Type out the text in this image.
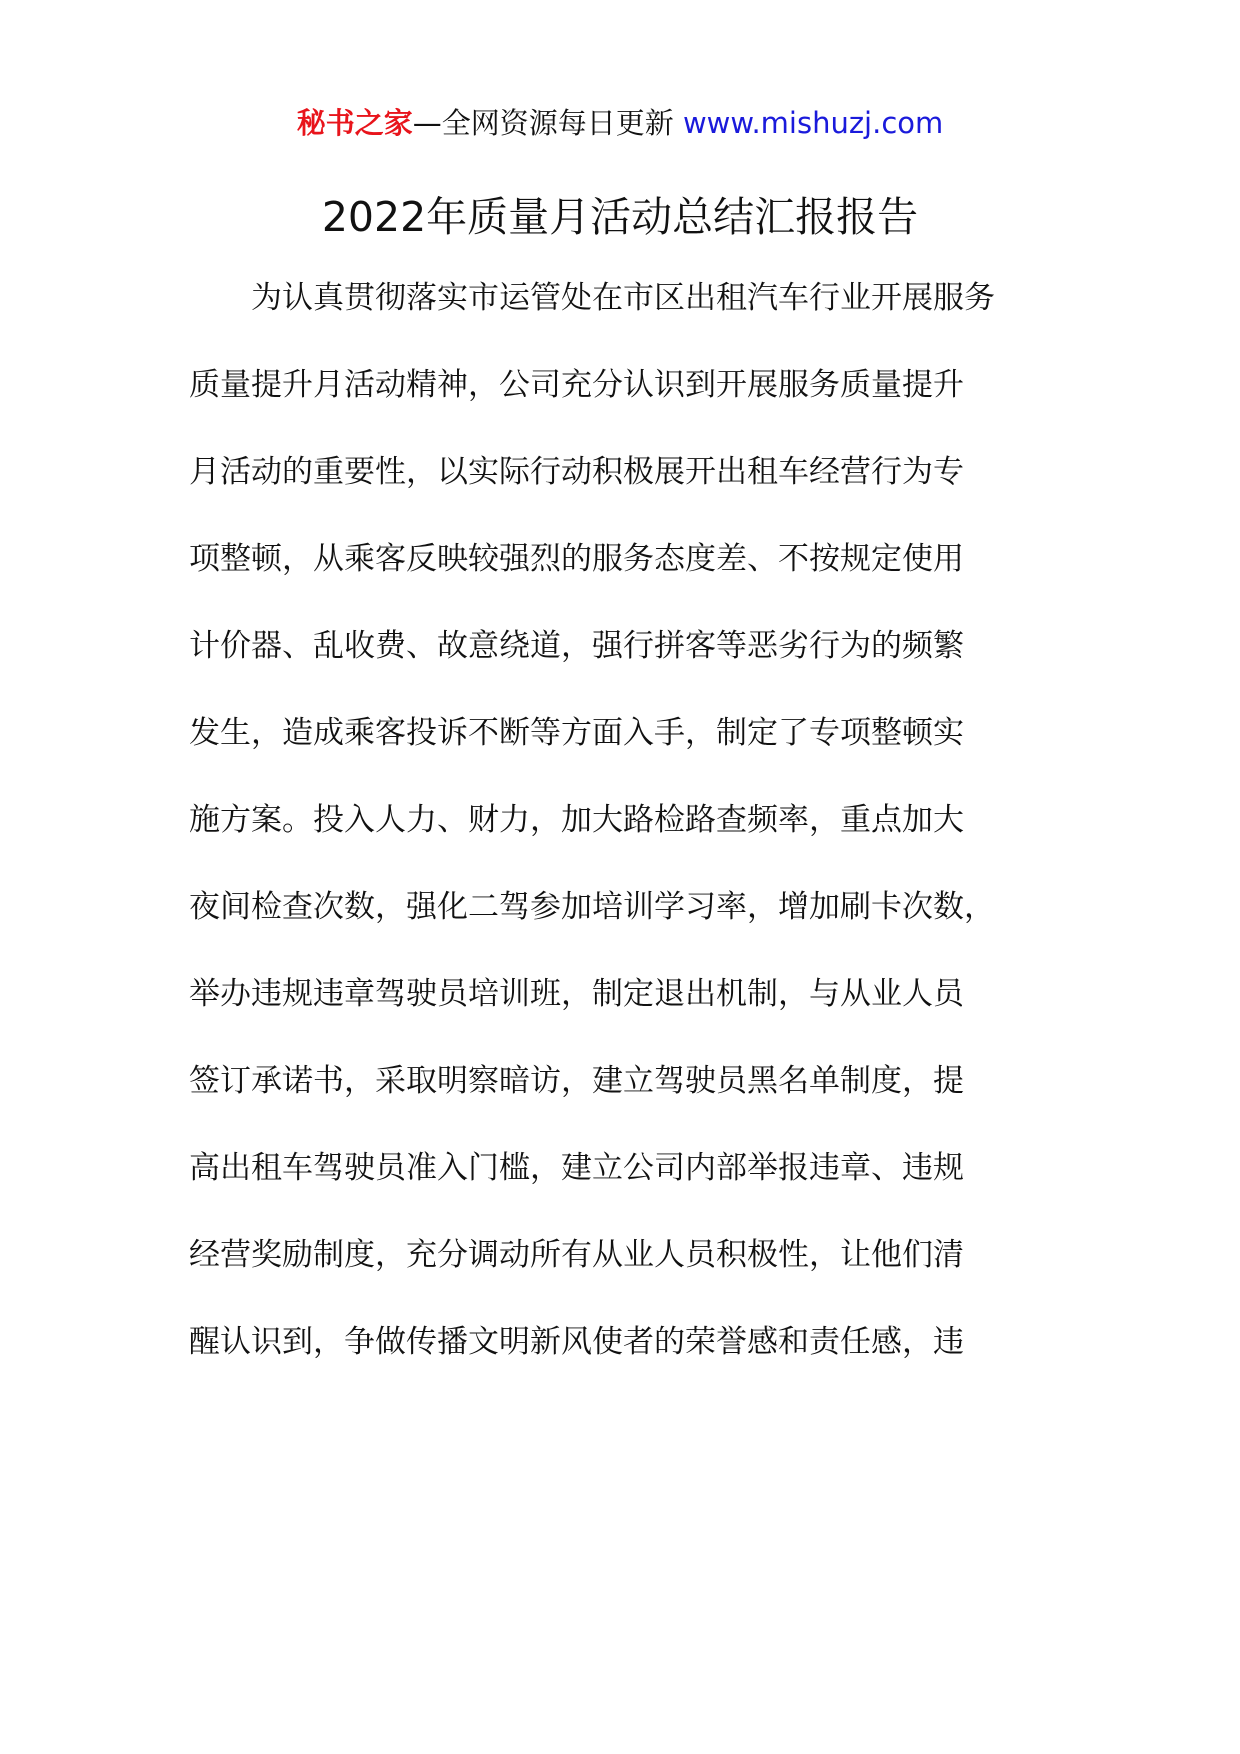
秘书之家—全网资源每日更新 www.mishuzj.com
2022年质量月活动总结汇报报告
为认真贯彻落实市运管处在市区出租汽车行业开展服务
质量提升月活动精神，公司充分认识到开展服务质量提升
月活动的重要性，以实际行动积极展开出租车经营行为专
项整顿，从乘客反映较强烈的服务态度差、不按规定使用
计价器、乱收费、故意绕道，强行拼客等恶劣行为的频繁
发生，造成乘客投诉不断等方面入手，制定了专项整顿实
施方案。投入人力、财力，加大路检路查频率，重点加大
夜间检查次数，强化二驾参加培训学习率，增加刷卡次数，
举办违规违章驾驶员培训班，制定退出机制，与从业人员
签订承诺书，采取明察暗访，建立驾驶员黑名单制度，提
高出租车驾驶员准入门槛，建立公司内部举报违章、违规
经营奖励制度，充分调动所有从业人员积极性，让他们清
醒认识到，争做传播文明新风使者的荣誉感和责任感，违
